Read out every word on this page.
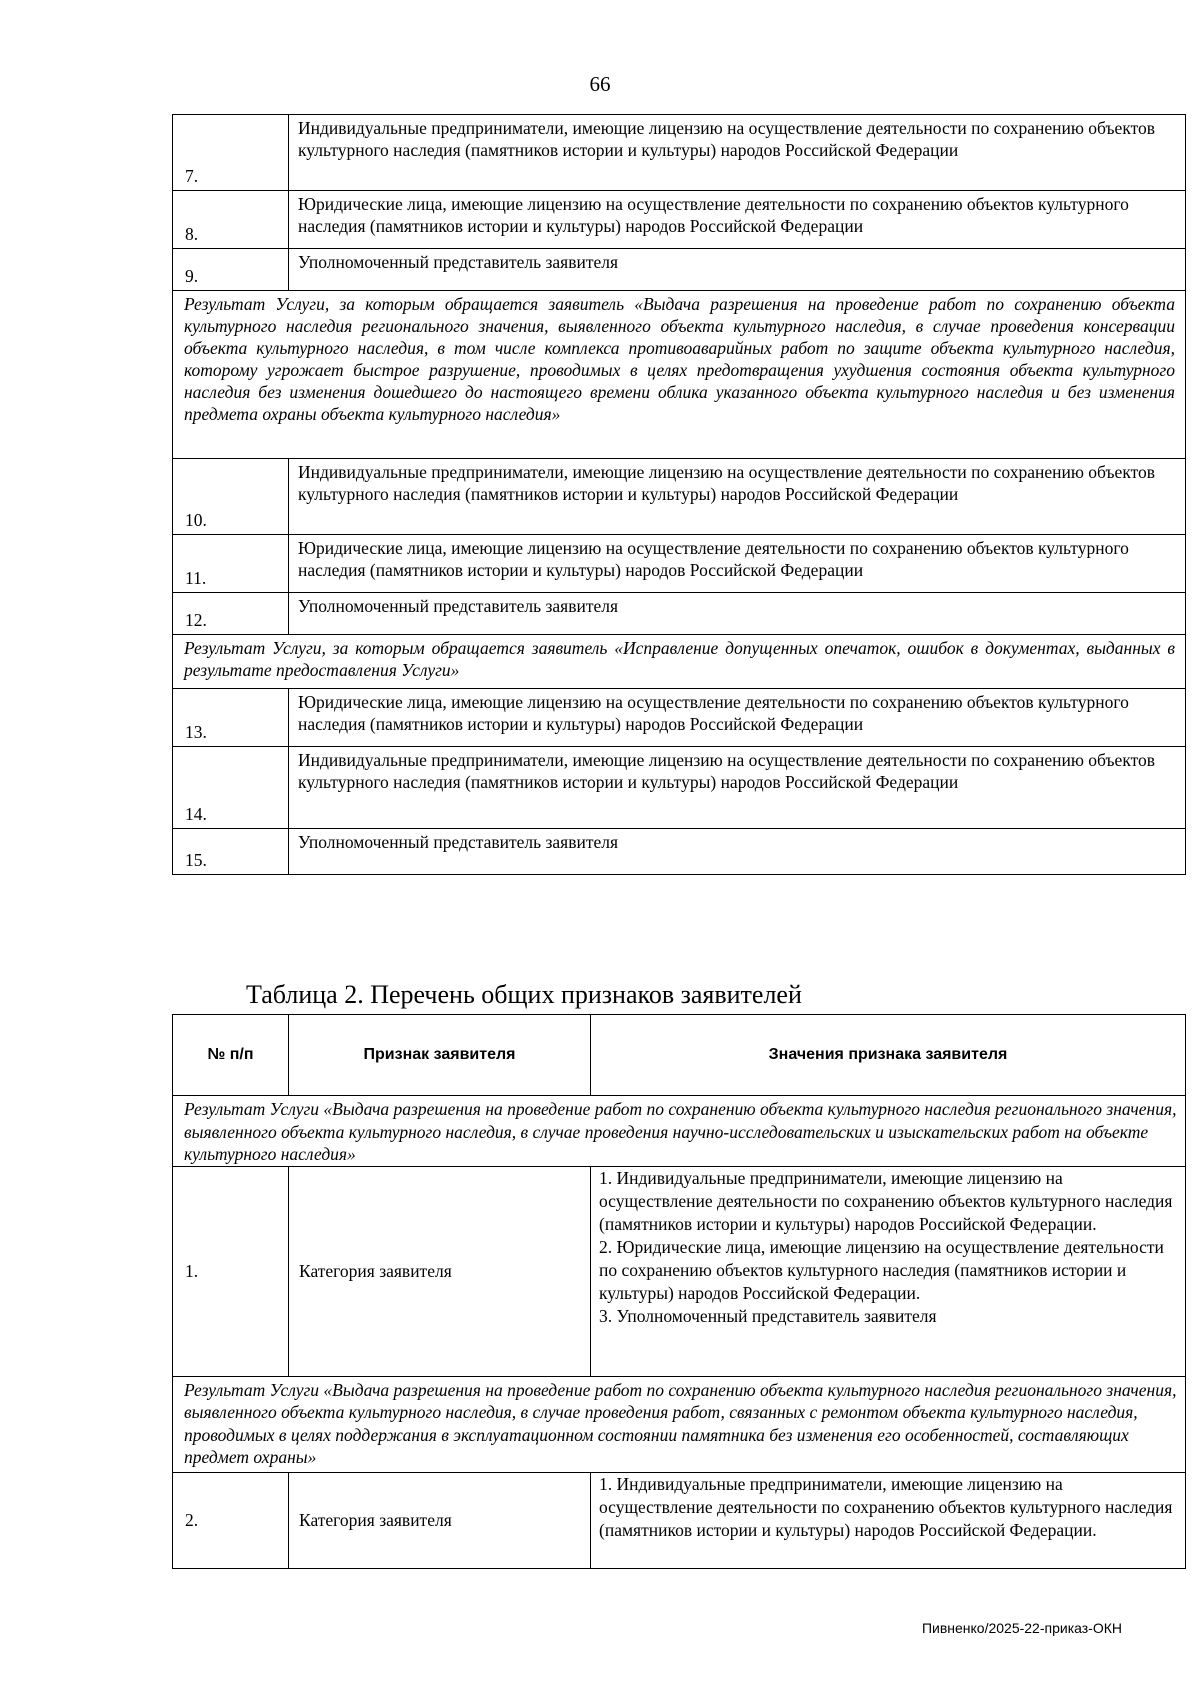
66
7.	Индивидуальные предприниматели, имеющие лицензию на осуществление деятельности по сохранению объектов культурного наследия (памятников истории и культуры) народов Российской Федерации
8.	Юридические лица, имеющие лицензию на осуществление деятельности по сохранению объектов культурного наследия (памятников истории и культуры) народов Российской Федерации
9.	Уполномоченный представитель заявителя
Результат Услуги, за которым обращается заявитель «Выдача разрешения на проведение работ по сохранению объекта культурного наследия регионального значения, выявленного объекта культурного наследия, в случае проведения консервации объекта культурного наследия, в том числе комплекса противоаварийных работ по защите объекта культурного наследия, которому угрожает быстрое разрушение, проводимых в целях предотвращения ухудшения состояния объекта культурного наследия без изменения дошедшего до настоящего времени облика указанного объекта культурного наследия и без изменения предмета охраны объекта культурного наследия»	
10.	Индивидуальные предприниматели, имеющие лицензию на осуществление деятельности по сохранению объектов культурного наследия (памятников истории и культуры) народов Российской Федерации
11.	Юридические лица, имеющие лицензию на осуществление деятельности по сохранению объектов культурного наследия (памятников истории и культуры) народов Российской Федерации
12.	Уполномоченный представитель заявителя
Результат Услуги, за которым обращается заявитель «Исправление допущенных опечаток, ошибок в документах, выданных в результате предоставления Услуги»	
13.	Юридические лица, имеющие лицензию на осуществление деятельности по сохранению объектов культурного наследия (памятников истории и культуры) народов Российской Федерации
14.	Индивидуальные предприниматели, имеющие лицензию на осуществление деятельности по сохранению объектов культурного наследия (памятников истории и культуры) народов Российской Федерации
15.	Уполномоченный представитель заявителя
Таблица 2. Перечень общих признаков заявителей
№ п/п	Признак заявителя	Значения признака заявителя
Результат Услуги «Выдача разрешения на проведение работ по сохранению объекта культурного наследия регионального значения, выявленного объекта культурного наследия, в случае проведения научно-исследовательских и изыскательских работ на объекте культурного наследия»		
1.	Категория заявителя	1. Индивидуальные предприниматели, имеющие лицензию на осуществление деятельности по сохранению объектов культурного наследия (памятников истории и культуры) народов Российской Федерации.
2. Юридические лица, имеющие лицензию на осуществление деятельности по сохранению объектов культурного наследия (памятников истории и культуры) народов Российской Федерации.
3. Уполномоченный представитель заявителя

Результат Услуги «Выдача разрешения на проведение работ по сохранению объекта культурного наследия регионального значения, выявленного объекта культурного наследия, в случае проведения работ, связанных с ремонтом объекта культурного наследия, проводимых в целях поддержания в эксплуатационном состоянии памятника без изменения его особенностей, составляющих предмет охраны»		
2.	Категория заявителя	1. Индивидуальные предприниматели, имеющие лицензию на осуществление деятельности по сохранению объектов культурного наследия (памятников истории и культуры) народов Российской Федерации.
Пивненко/2025-22-приказ-ОКН
